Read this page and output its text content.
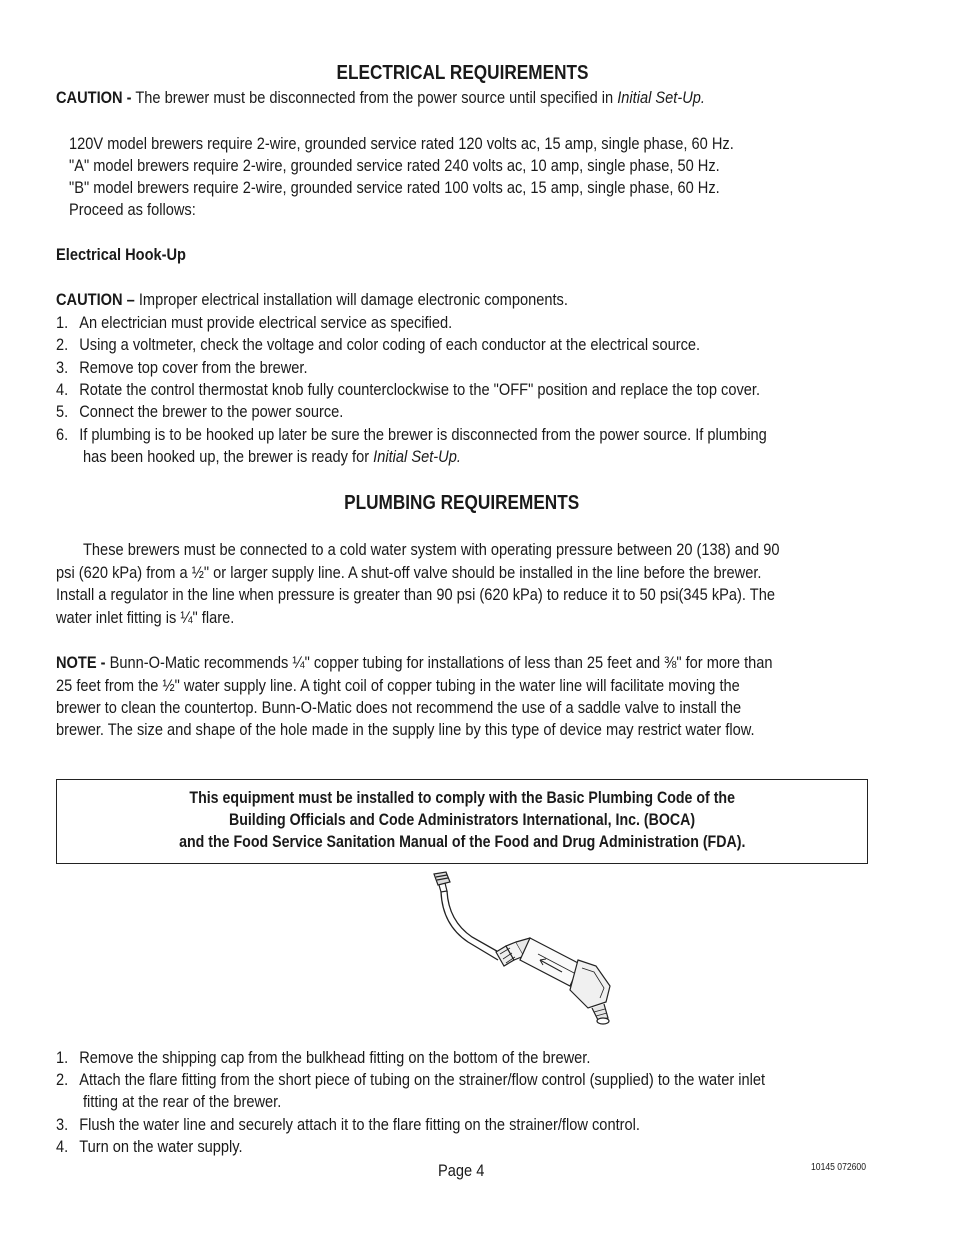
ELECTRICAL REQUIREMENTS
CAUTION - The brewer must be disconnected from the power source until specified in Initial Set-Up.
120V model brewers require 2-wire, grounded service rated 120 volts ac, 15 amp, single phase, 60 Hz.
"A" model brewers require 2-wire, grounded service rated 240 volts ac, 10 amp, single phase, 50 Hz.
"B" model brewers require 2-wire, grounded service rated 100 volts ac, 15 amp, single phase, 60 Hz.
Proceed as follows:
Electrical Hook-Up
CAUTION – Improper electrical installation will damage electronic components.
1. An electrician must provide electrical service as specified.
2. Using a voltmeter, check the voltage and color coding of each conductor at the electrical source.
3. Remove top cover from the brewer.
4. Rotate the control thermostat knob fully counterclockwise to the "OFF" position and replace the top cover.
5. Connect the brewer to the power source.
6. If plumbing is to be hooked up later be sure the brewer is disconnected from the power source. If plumbing
has been hooked up, the brewer is ready for Initial Set-Up.
PLUMBING REQUIREMENTS
These brewers must be connected to a cold water system with operating pressure between 20 (138) and 90
psi (620 kPa) from a ½" or larger supply line. A shut-off valve should be installed in the line before the brewer.
Install a regulator in the line when pressure is greater than 90 psi (620 kPa) to reduce it to 50 psi(345 kPa). The
water inlet fitting is ¼" flare.
NOTE - Bunn-O-Matic recommends ¼" copper tubing for installations of less than 25 feet and ⅜" for more than
25 feet from the ½" water supply line. A tight coil of copper tubing in the water line will facilitate moving the
brewer to clean the countertop. Bunn-O-Matic does not recommend the use of a saddle valve to install the
brewer. The size and shape of the hole made in the supply line by this type of device may restrict water flow.
This equipment must be installed to comply with the Basic Plumbing Code of the
Building Officials and Code Administrators International, Inc. (BOCA)
and the Food Service Sanitation Manual of the Food and Drug Administration (FDA).
1. Remove the shipping cap from the bulkhead fitting on the bottom of the brewer.
2. Attach the flare fitting from the short piece of tubing on the strainer/flow control (supplied) to the water inlet
fitting at the rear of the brewer.
3. Flush the water line and securely attach it to the flare fitting on the strainer/flow control.
4. Turn on the water supply.
Page 4	10145 072600
